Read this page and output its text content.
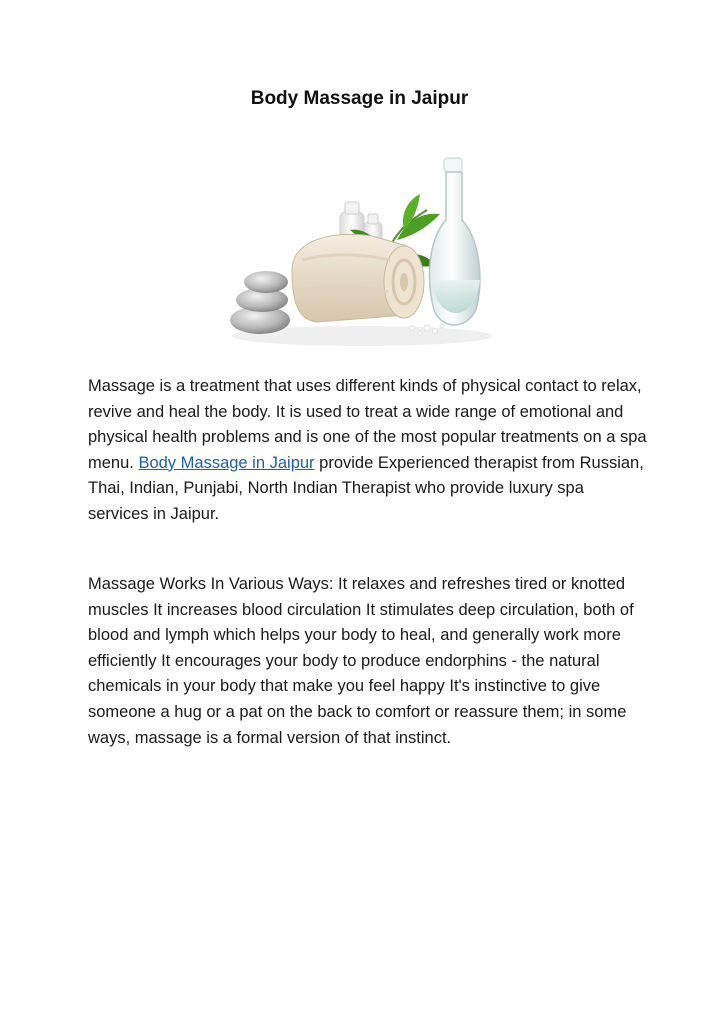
Body Massage in Jaipur

Massage is a treatment that uses different kinds of physical contact to relax, revive and heal the body. It is used to treat a wide range of emotional and physical health problems and is one of the most popular treatments on a spa menu. Body Massage in Jaipur provide Experienced therapist from Russian, Thai, Indian, Punjabi, North Indian Therapist who provide luxury spa services in Jaipur.

Massage Works In Various Ways: It relaxes and refreshes tired or knotted muscles It increases blood circulation It stimulates deep circulation, both of blood and lymph which helps your body to heal, and generally work more efficiently It encourages your body to produce endorphins - the natural chemicals in your body that make you feel happy It's instinctive to give someone a hug or a pat on the back to comfort or reassure them; in some ways, massage is a formal version of that instinct.
